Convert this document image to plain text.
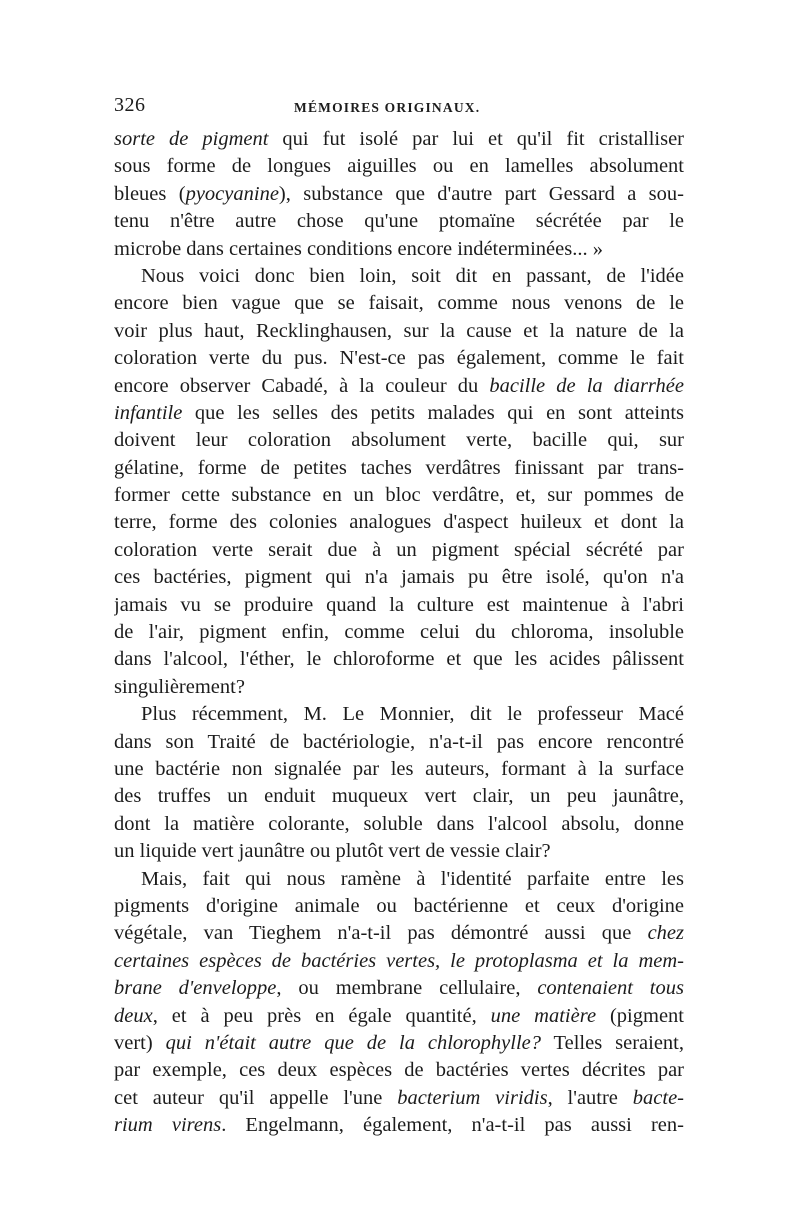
326	MÉMOIRES ORIGINAUX.
sorte de pigment qui fut isolé par lui et qu'il fit cristalliser
sous forme de longues aiguilles ou en lamelles absolument
bleues (pyocyanine), substance que d'autre part Gessard a sou-
tenu n'être autre chose qu'une ptomaïne sécrétée par le
microbe dans certaines conditions encore indéterminées... »
Nous voici donc bien loin, soit dit en passant, de l'idée
encore bien vague que se faisait, comme nous venons de le
voir plus haut, Recklinghausen, sur la cause et la nature de la
coloration verte du pus. N'est-ce pas également, comme le fait
encore observer Cabadé, à la couleur du bacille de la diarrhée
infantile que les selles des petits malades qui en sont atteints
doivent leur coloration absolument verte, bacille qui, sur
gélatine, forme de petites taches verdâtres finissant par trans-
former cette substance en un bloc verdâtre, et, sur pommes de
terre, forme des colonies analogues d'aspect huileux et dont la
coloration verte serait due à un pigment spécial sécrété par
ces bactéries, pigment qui n'a jamais pu être isolé, qu'on n'a
jamais vu se produire quand la culture est maintenue à l'abri
de l'air, pigment enfin, comme celui du chloroma, insoluble
dans l'alcool, l'éther, le chloroforme et que les acides pâlissent
singulièrement?
Plus récemment, M. Le Monnier, dit le professeur Macé
dans son Traité de bactériologie, n'a-t-il pas encore rencontré
une bactérie non signalée par les auteurs, formant à la surface
des truffes un enduit muqueux vert clair, un peu jaunâtre,
dont la matière colorante, soluble dans l'alcool absolu, donne
un liquide vert jaunâtre ou plutôt vert de vessie clair?
Mais, fait qui nous ramène à l'identité parfaite entre les
pigments d'origine animale ou bactérienne et ceux d'origine
végétale, van Tieghem n'a-t-il pas démontré aussi que chez
certaines espèces de bactéries vertes, le protoplasma et la mem-
brane d'enveloppe, ou membrane cellulaire, contenaient tous
deux, et à peu près en égale quantité, une matière (pigment
vert) qui n'était autre que de la chlorophylle? Telles seraient,
par exemple, ces deux espèces de bactéries vertes décrites par
cet auteur qu'il appelle l'une bacterium viridis, l'autre bacte-
rium virens. Engelmann, également, n'a-t-il pas aussi ren-
